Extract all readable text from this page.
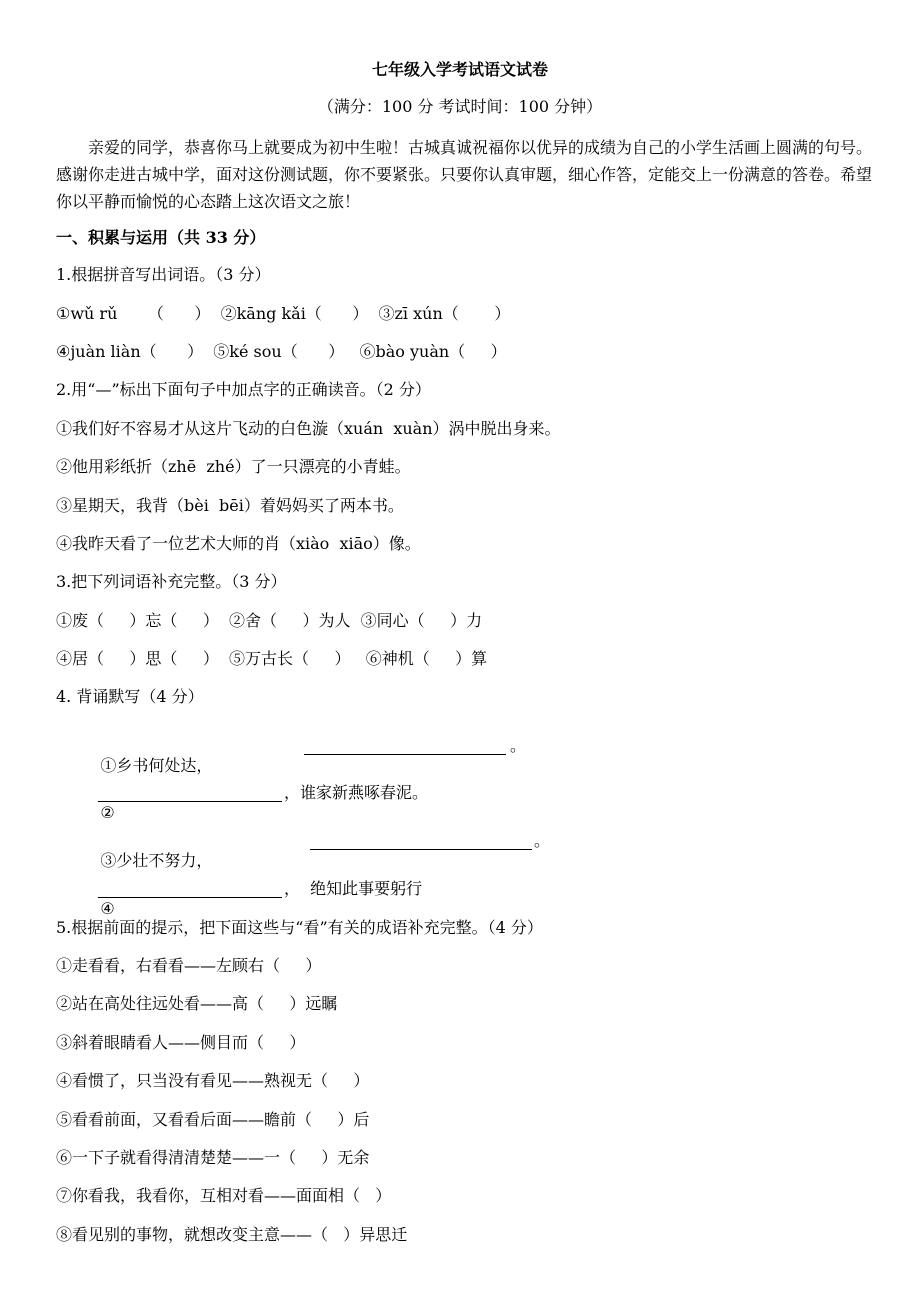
七年级入学考试语文试卷
（满分：100 分 考试时间：100 分钟）
亲爱的同学，恭喜你马上就要成为初中生啦！古城真诚祝福你以优异的成绩为自己的小学生活画上圆满的句号。感谢你走进古城中学，面对这份测试题，你不要紧张。只要你认真审题，细心作答，定能交上一份满意的答卷。希望你以平静而愉悦的心态踏上这次语文之旅！
一、积累与运用（共 33 分）
1.根据拼音写出词语。（3 分）
①wǔ rǔ      （      ）  ②kāng kǎi（      ）  ③zī xún（       ）
④juàn liàn（      ）  ⑤ké sou（      ）   ⑥bào yuàn（     ）
2.用“—”标出下面句子中加点字的正确读音。（2 分）
①我们好不容易才从这片飞动的白色漩（xuán  xuàn）涡中脱出身来。
②他用彩纸折（zhē  zhé）了一只漂亮的小青蛙。
③星期天，我背（bèi  bēi）着妈妈买了两本书。
④我昨天看了一位艺术大师的肖（xiào  xiāo）像。
3.把下列词语补充完整。（3 分）
①废（     ）忘（     ）  ②舍（     ）为人  ③同心（     ）力
④居（     ）思（     ）  ⑤万古长（     ）   ⑥神机（     ）算
4. 背诵默写（4 分）

①乡书何处达，

。

②

，谁家新燕啄春泥。

③少壮不努力，

。

④

，  绝知此事要躬行

5.根据前面的提示，把下面这些与“看”有关的成语补充完整。（4 分）
①走看看，右看看——左顾右（     ）
②站在高处往远处看——高（     ）远瞩
③斜着眼睛看人——侧目而（     ）
④看惯了，只当没有看见——熟视无（     ）
⑤看看前面，又看看后面——瞻前（     ）后
⑥一下子就看得清清楚楚——一（     ）无余
⑦你看我，我看你，互相对看——面面相（   ）
⑧看见别的事物，就想改变主意——（   ）异思迁
